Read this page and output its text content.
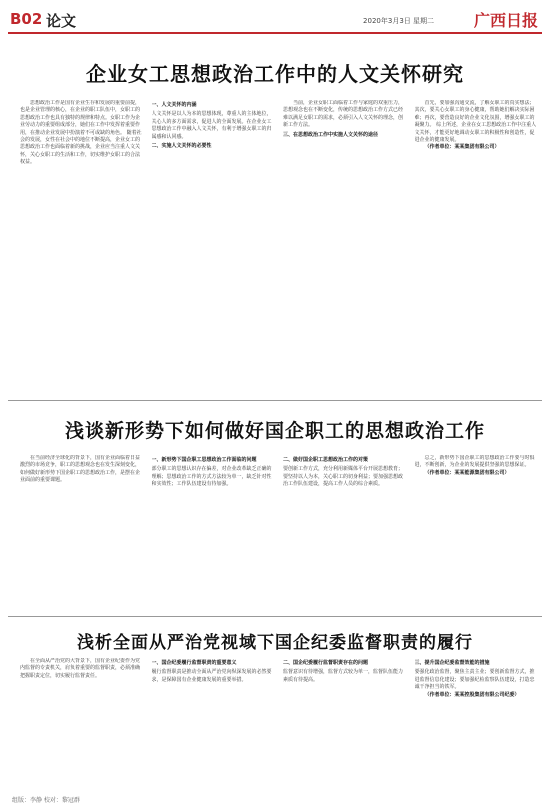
B02 论文	2020年3月3日 星期二 广西日报
企业女工思想政治工作中的人文关怀研究
思想政治工作是国有企业生存和发展的重要前提，也是企业管理的核心，在企业的职工队伍中，女职工的思想政治工作也具有独特的规律和特点。女职工作为企业劳动力的重要组成部分，她们在工作中发挥着重要作用，在推动企业发展中扮演着不可或缺的角色。 随着社会的发展，女性在社会中的地位不断提高，企业女工的思想政治工作也面临着新的挑战，企业应当注重人文关怀，关心女职工的生活和工作，切实维护女职工的合法权益。
一、人文关怀的内涵
人文关怀是以人为本的思想体现，尊重人的主体地位，关心人的多方面需求，促进人的全面发展。在企业女工思想政治工作中融入人文关怀，有利于增强女职工的归属感和认同感。
二、实施人文关怀的必要性
当前，企业女职工面临着工作与家庭的双重压力，思想观念也在不断变化，传统的思想政治工作方式已经难以满足女职工的需求，必须引入人文关怀的理念，创新工作方法。
三、在思想政治工作中实施人文关怀的途径
首先，要加强沟通交流，了解女职工的真实想法；其次，要关心女职工的身心健康，帮助她们解决实际困难；再次，要营造良好的企业文化氛围，增强女职工的凝聚力。 综上所述，企业在女工思想政治工作中注重人文关怀，才能更好地调动女职工的积极性和创造性，促进企业的健康发展。
（作者单位：某某集团有限公司）
浅谈新形势下如何做好国企职工的思想政治工作
在当前经济全球化的背景下，国有企业面临着日益激烈的市场竞争，职工的思想观念也在发生深刻变化，如何做好新形势下国企职工的思想政治工作，是摆在企业面前的重要课题。
一、新形势下国企职工思想政治工作面临的问题
部分职工的思想认识存在偏差，对企业改革缺乏正确的理解；思想政治工作的方式方法较为单一，缺乏针对性和实效性；工作队伍建设有待加强。
二、做好国企职工思想政治工作的对策
要创新工作方式，充分利用新媒体平台开展思想教育；要坚持以人为本，关心职工的切身利益；要加强思想政治工作队伍建设，提高工作人员的综合素质。
总之，新形势下国企职工的思想政治工作要与时俱进，不断创新，为企业的发展提供坚强的思想保证。
（作者单位：某某能源集团有限公司）
浅析全面从严治党视域下国企纪委监督职责的履行
在全面从严治党的大背景下，国有企业纪委作为党内监督的专责机关，肩负着重要的监督职责，必须准确把握职责定位，切实履行监督责任。
一、国企纪委履行监督职责的重要意义
履行监督职责是推动全面从严治党向纵深发展的必然要求，是保障国有企业健康发展的重要举措。
二、国企纪委履行监督职责存在的问题
监督意识有待增强，监督方式较为单一，监督队伍能力素质有待提高。
三、提升国企纪委监督效能的措施
要强化政治监督，聚焦主责主业；要创新监督方式，推进监督信息化建设；要加强纪检监察队伍建设，打造忠诚干净担当的铁军。
（作者单位：某某控股集团有限公司纪委）
组版：李静 校对：黎冠群
